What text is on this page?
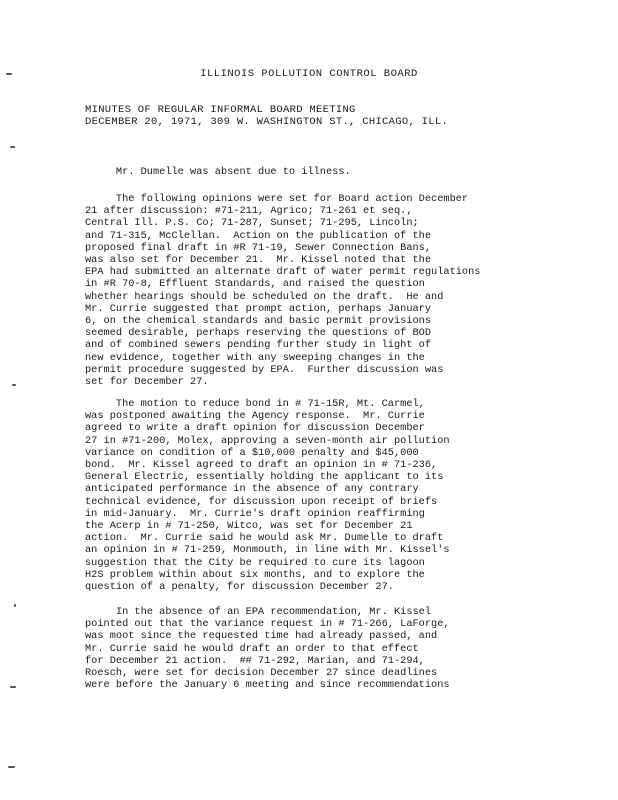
ILLINOIS POLLUTION CONTROL BOARD
MINUTES OF REGULAR INFORMAL BOARD MEETING
DECEMBER 20, 1971, 309 W. WASHINGTON ST., CHICAGO, ILL.
Mr. Dumelle was absent due to illness.
The following opinions were set for Board action December
21 after discussion: #71-211, Agrico; 71-261 et seq.,
Central Ill. P.S. Co; 71-287, Sunset; 71-295, Lincoln;
and 71-315, McClellan.  Action on the publication of the
proposed final draft in #R 71-19, Sewer Connection Bans,
was also set for December 21.  Mr. Kissel noted that the
EPA had submitted an alternate draft of water permit regulations
in #R 70-8, Effluent Standards, and raised the question
whether hearings should be scheduled on the draft.  He and
Mr. Currie suggested that prompt action, perhaps January
6, on the chemical standards and basic permit provisions
seemed desirable, perhaps reserving the questions of BOD
and of combined sewers pending further study in light of
new evidence, together with any sweeping changes in the
permit procedure suggested by EPA.  Further discussion was
set for December 27.
The motion to reduce bond in # 71-15R, Mt. Carmel,
was postponed awaiting the Agency response.  Mr. Currie
agreed to write a draft opinion for discussion December
27 in #71-200, Molex, approving a seven-month air pollution
variance on condition of a $10,000 penalty and $45,000
bond.  Mr. Kissel agreed to draft an opinion in # 71-236,
General Electric, essentially holding the applicant to its
anticipated performance in the absence of any contrary
technical evidence, for discussion upon receipt of briefs
in mid-January.  Mr. Currie's draft opinion reaffirming
the Acerp in # 71-250, Witco, was set for December 21
action.  Mr. Currie said he would ask Mr. Dumelle to draft
an opinion in # 71-259, Monmouth, in line with Mr. Kissel's
suggestion that the City be required to cure its lagoon
H2S problem within about six months, and to explore the
question of a penalty, for discussion December 27.
In the absence of an EPA recommendation, Mr. Kissel
pointed out that the variance request in # 71-266, LaForge,
was moot since the requested time had already passed, and
Mr. Currie said he would draft an order to that effect
for December 21 action.  ## 71-292, Marian, and 71-294,
Roesch, were set for decision December 27 since deadlines
were before the January 6 meeting and since recommendations
